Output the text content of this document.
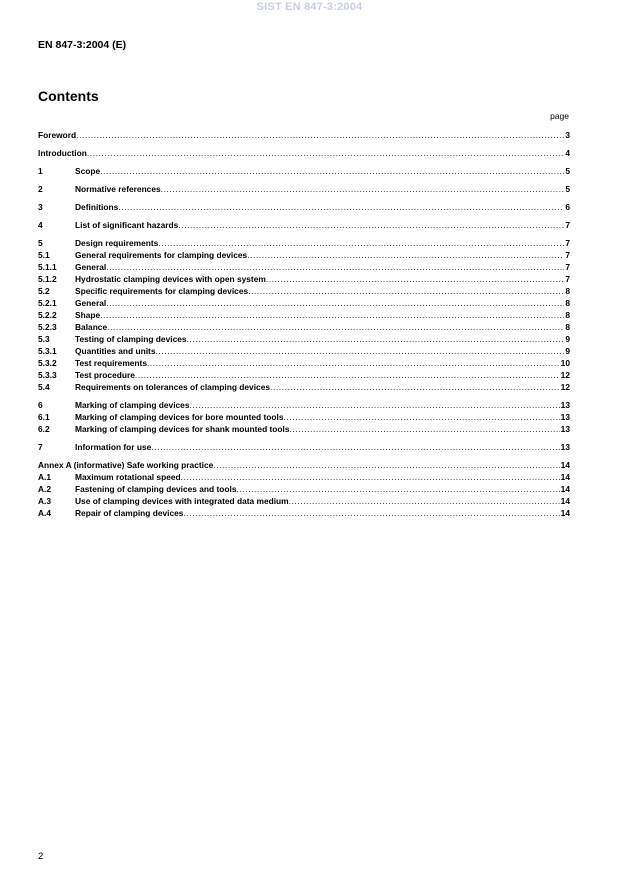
SIST EN 847-3:2004
EN 847-3:2004 (E)
Contents
page
Foreword .....	3
Introduction .....	4
1	Scope .....	5
2	Normative references .....	5
3	Definitions .....	6
4	List of significant hazards .....	7
5	Design requirements .....	7
5.1	General requirements for clamping devices .....	7
5.1.1	General .....	7
5.1.2	Hydrostatic clamping devices with open system .....	7
5.2	Specific requirements for clamping devices .....	8
5.2.1	General .....	8
5.2.2	Shape .....	8
5.2.3	Balance .....	8
5.3	Testing of clamping devices .....	9
5.3.1	Quantities and units .....	9
5.3.2	Test requirements .....	10
5.3.3	Test procedure .....	12
5.4	Requirements on tolerances of clamping devices .....	12
6	Marking of clamping devices .....	13
6.1	Marking of clamping devices for bore mounted tools .....	13
6.2	Marking of clamping devices for shank mounted tools .....	13
7	Information for use .....	13
Annex A (informative) Safe working practice .....	14
A.1	Maximum rotational speed .....	14
A.2	Fastening of clamping devices and tools .....	14
A.3	Use of clamping devices with integrated data medium .....	14
A.4	Repair of clamping devices .....	14
2
